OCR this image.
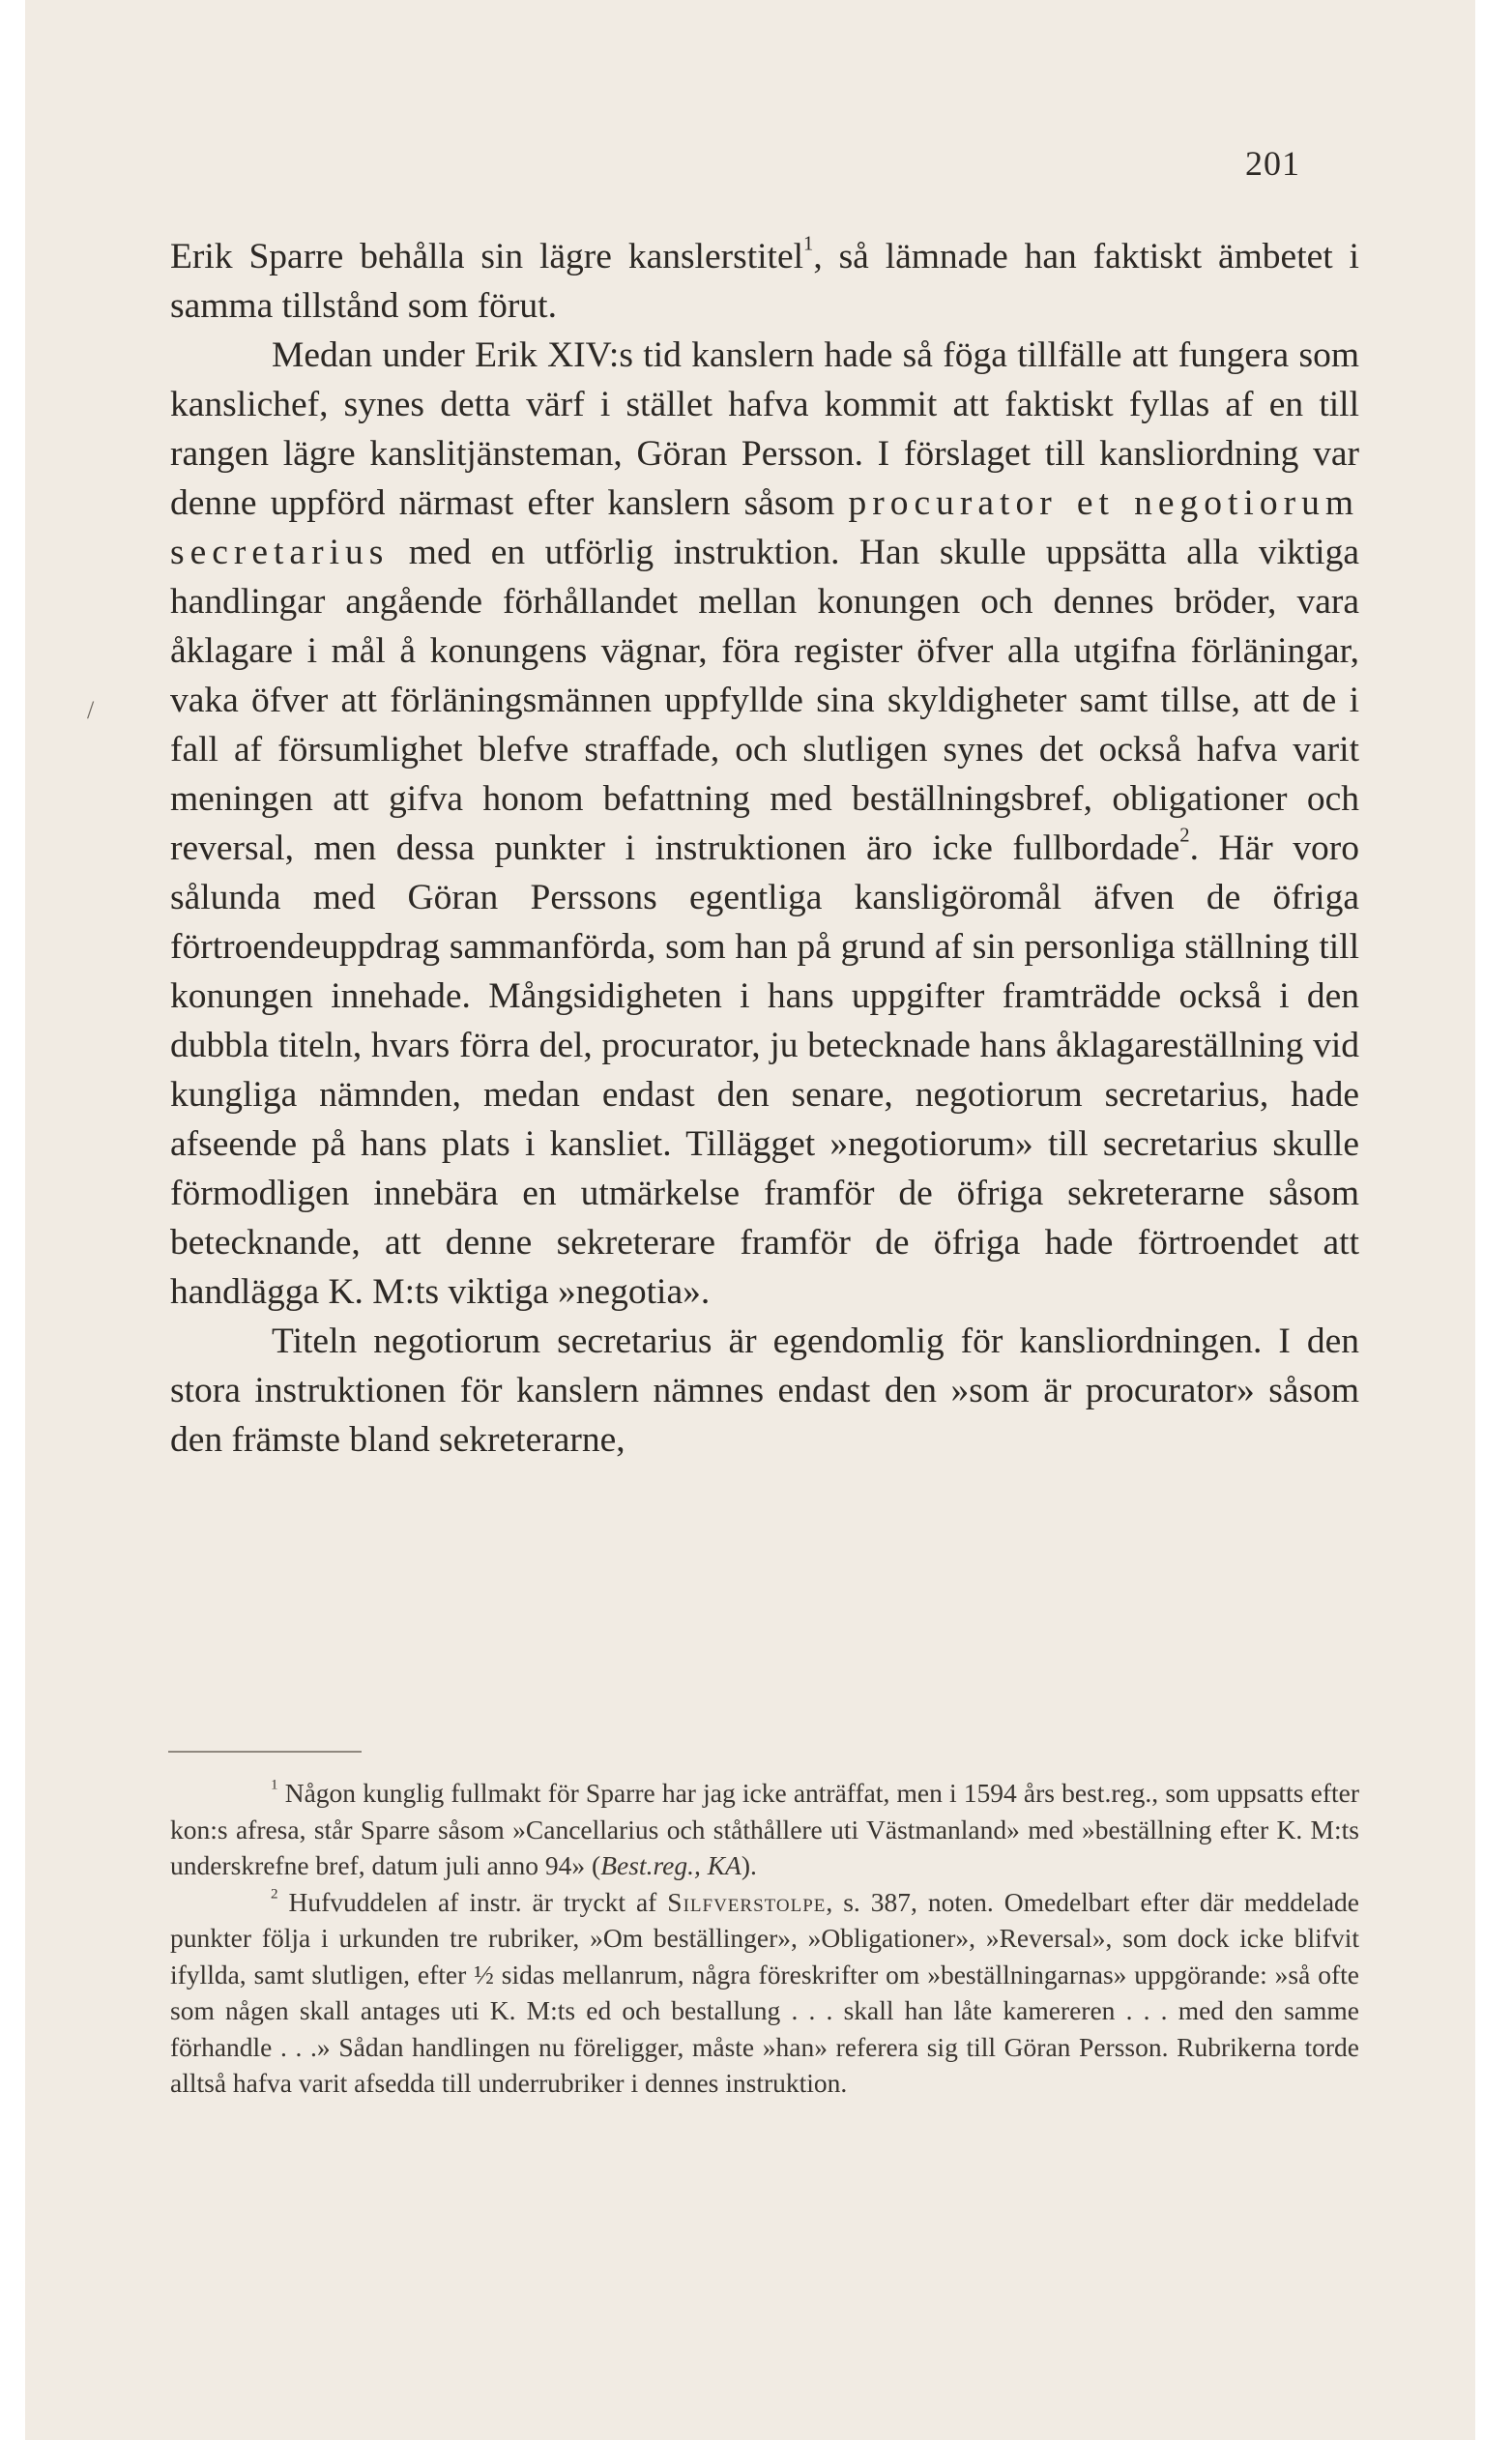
201
/

Erik Sparre behålla sin lägre kanslerstitel$^1$, så lämnade han faktiskt ämbetet i samma tillstånd som förut.

Medan under Erik XIV:s tid kanslern hade så föga tillfälle att fungera som kanslichef, synes detta värf i stället hafva kommit att faktiskt fyllas af en till rangen lägre kanslitjänsteman, Göran Persson. I förslaget till kansliordning var denne uppförd närmast efter kanslern såsom procurator et negotiorum secretarius med en utförlig instruktion. Han skulle uppsätta alla viktiga handlingar angående förhållandet mellan konungen och dennes bröder, vara åklagare i mål å konungens vägnar, föra register öfver alla utgifna förläningar, vaka öfver att förläningsmännen uppfyllde sina skyldigheter samt tillse, att de i fall af försumlighet blefve straffade, och slutligen synes det också hafva varit meningen att gifva honom befattning med beställningsbref, obligationer och reversal, men dessa punkter i instruktionen äro icke fullbordade$^2$. Här voro sålunda med Göran Perssons egentliga kansligöromål äfven de öfriga förtroendeuppdrag sammanförda, som han på grund af sin personliga ställning till konungen innehade. Mångsidigheten i hans uppgifter framträdde också i den dubbla titeln, hvars förra del, procurator, ju betecknade hans åklagareställning vid kungliga nämnden, medan endast den senare, negotiorum secretarius, hade afseende på hans plats i kansliet. Tillägget »negotiorum» till secretarius skulle förmodligen innebära en utmärkelse framför de öfriga sekreterarne såsom betecknande, att denne sekreterare framför de öfriga hade förtroendet att handlägga K. M:ts viktiga »negotia».

Titeln negotiorum secretarius är egendomlig för kansliordningen. I den stora instruktionen för kanslern nämnes endast den »som är procurator» såsom den främste bland sekreterarne,

$^1$ Någon kunglig fullmakt för Sparre har jag icke anträffat, men i 1594 års best.reg., som uppsatts efter kon:s afresa, står Sparre såsom »Cancellarius och ståthållere uti Västmanland» med »beställning efter K. M:ts underskrefne bref, datum juli anno 94» (Best.reg., KA).

$^2$ Hufvuddelen af instr. är tryckt af Silfverstolpe, s. 387, noten. Omedelbart efter där meddelade punkter följa i urkunden tre rubriker, »Om beställinger», »Obligationer», »Reversal», som dock icke blifvit ifyllda, samt slutligen, efter ½ sidas mellanrum, några föreskrifter om »beställningarnas» uppgörande: »så ofte som någen skall antages uti K. M:ts ed och bestallung . . . skall han låte kamereren . . . med den samme förhandle . . .» Sådan handlingen nu föreligger, måste »han» referera sig till Göran Persson. Rubrikerna torde alltså hafva varit afsedda till underrubriker i dennes instruktion.
